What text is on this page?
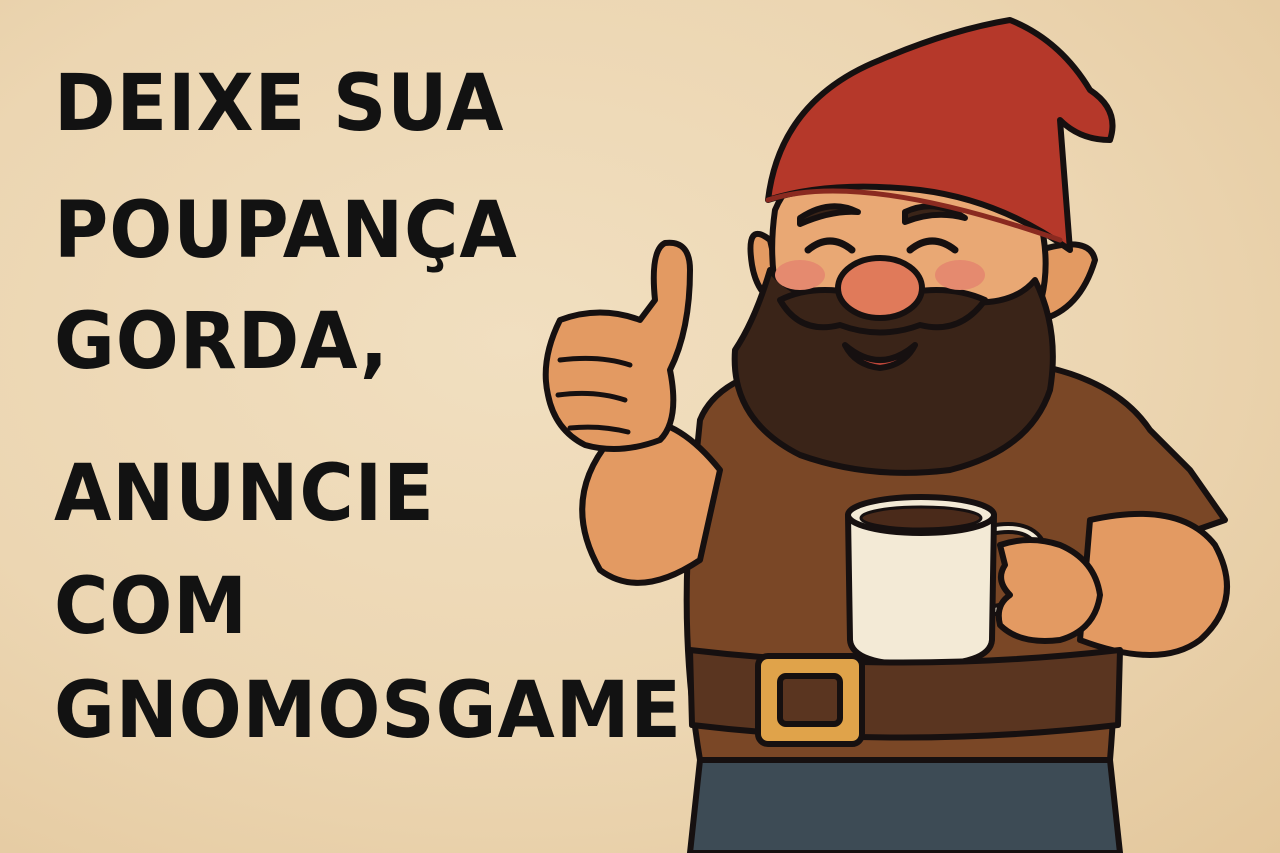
DEIXE SUA
POUPANÇA
GORDA,
ANUNCIE
COM
GNOMOSGAME
